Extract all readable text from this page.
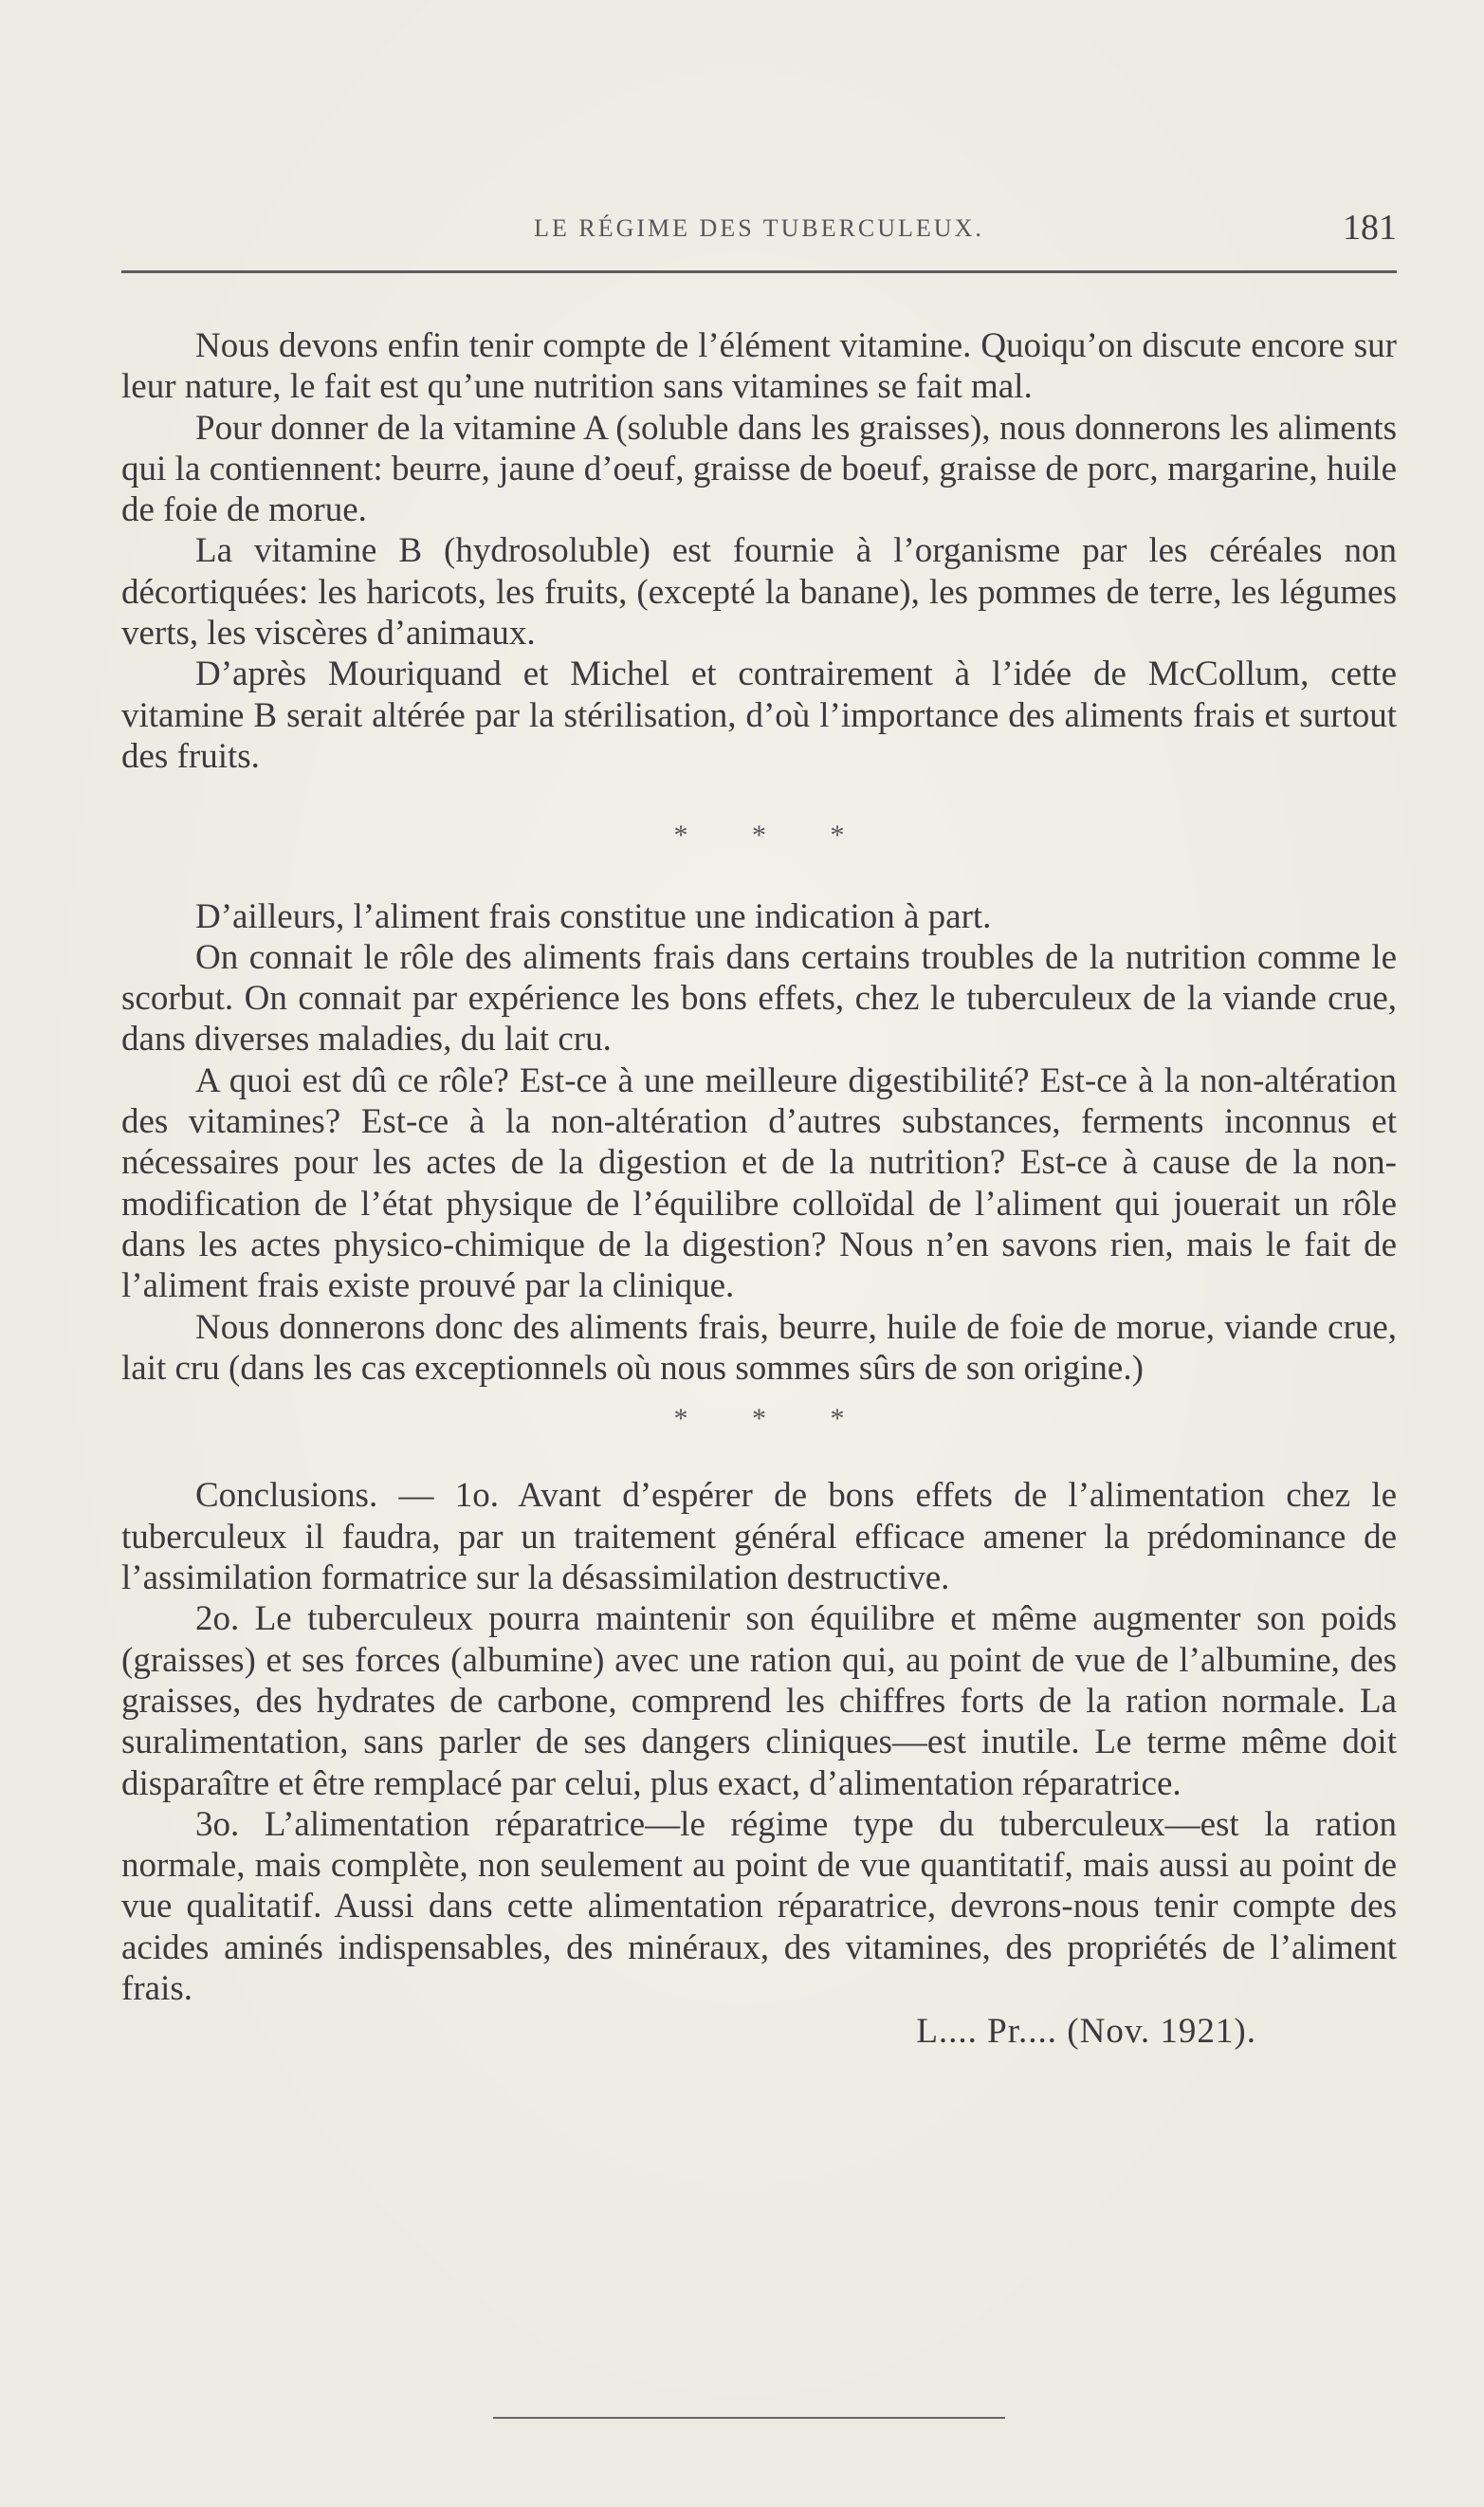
LE RÉGIME DES TUBERCULEUX.	181

Nous devons enfin tenir compte de l’élément vitamine. Quoiqu’on discute encore sur leur nature, le fait est qu’une nutrition sans vitamines se fait mal.

Pour donner de la vitamine A (soluble dans les graisses), nous donnerons les aliments qui la contiennent: beurre, jaune d’oeuf, graisse de boeuf, graisse de porc, margarine, huile de foie de morue.

La vitamine B (hydrosoluble) est fournie à l’organisme par les céréales non décortiquées: les haricots, les fruits, (excepté la banane), les pommes de terre, les légumes verts, les viscères d’animaux.

D’après Mouriquand et Michel et contrairement à l’idée de McCollum, cette vitamine B serait altérée par la stérilisation, d’où l’importance des aliments frais et surtout des fruits.

* * *

D’ailleurs, l’aliment frais constitue une indication à part.

On connait le rôle des aliments frais dans certains troubles de la nutrition comme le scorbut. On connait par expérience les bons effets, chez le tuberculeux de la viande crue, dans diverses maladies, du lait cru.

A quoi est dû ce rôle? Est-ce à une meilleure digestibilité? Est-ce à la non-altération des vitamines? Est-ce à la non-altération d’autres substances, ferments inconnus et nécessaires pour les actes de la digestion et de la nutrition? Est-ce à cause de la non-modification de l’état physique de l’équilibre colloïdal de l’aliment qui jouerait un rôle dans les actes physico-chimique de la digestion? Nous n’en savons rien, mais le fait de l’aliment frais existe prouvé par la clinique.

Nous donnerons donc des aliments frais, beurre, huile de foie de morue, viande crue, lait cru (dans les cas exceptionnels où nous sommes sûrs de son origine.)

* * *

Conclusions. — 1o. Avant d’espérer de bons effets de l’alimentation chez le tuberculeux il faudra, par un traitement général efficace amener la prédominance de l’assimilation formatrice sur la désassimilation destructive.

2o. Le tuberculeux pourra maintenir son équilibre et même augmenter son poids (graisses) et ses forces (albumine) avec une ration qui, au point de vue de l’albumine, des graisses, des hydrates de carbone, comprend les chiffres forts de la ration normale. La suralimentation, sans parler de ses dangers cliniques—est inutile. Le terme même doit disparaître et être remplacé par celui, plus exact, d’alimentation réparatrice.

3o. L’alimentation réparatrice—le régime type du tuberculeux—est la ration normale, mais complète, non seulement au point de vue quantitatif, mais aussi au point de vue qualitatif. Aussi dans cette alimentation réparatrice, devrons-nous tenir compte des acides aminés indispensables, des minéraux, des vitamines, des propriétés de l’aliment frais.

L.... Pr.... (Nov. 1921).
